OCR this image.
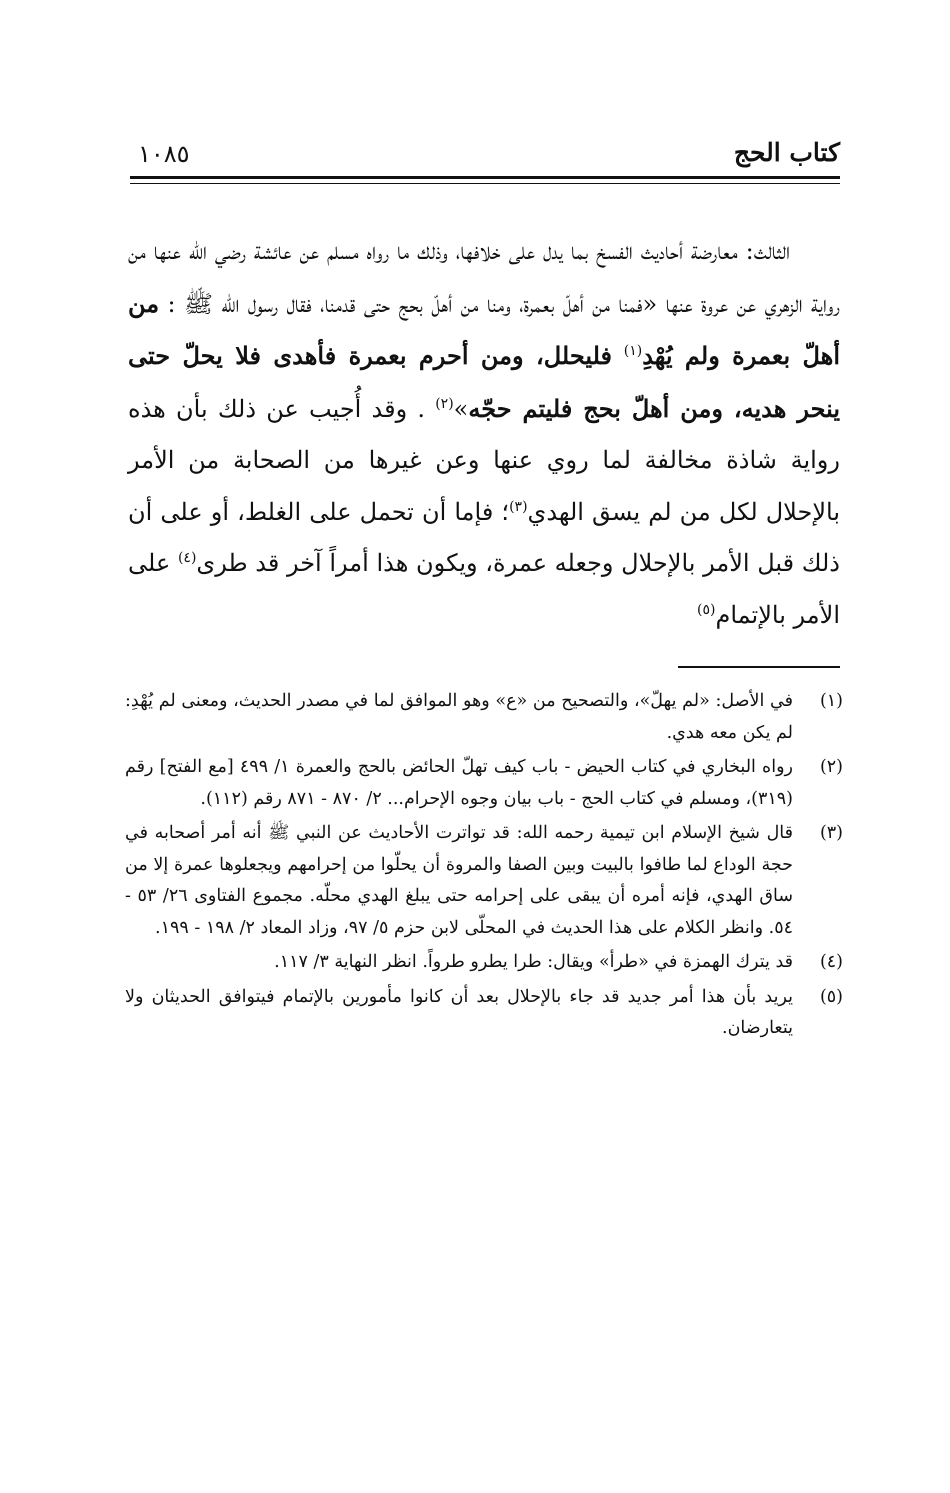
كتاب الحج
١٠٨٥

الثالث: معارضة أحاديث الفسخ بما يدل على خلافها، وذلك ما رواه مسلم عن عائشة رضي الله عنها من رواية الزهري عن عروة عنها «فمنا من أهلّ بعمرة، ومنا من أهلّ بحج حتى قدمنا، فقال رسول الله ﷺ : من أهلّ بعمرة ولم يُهْدِ$^{(١)}$ فليحلل، ومن أحرم بعمرة فأهدى فلا يحلّ حتى ينحر هديه، ومن أهلّ بحج فليتم حجّه»$^{(٢)}$ . وقد أُجيب عن ذلك بأن هذه رواية شاذة مخالفة لما روي عنها وعن غيرها من الصحابة من الأمر بالإحلال لكل من لم يسق الهدي$^{(٣)}$؛ فإما أن تحمل على الغلط، أو على أن ذلك قبل الأمر بالإحلال وجعله عمرة، ويكون هذا أمراً آخر قد طرى$^{(٤)}$ على الأمر بالإتمام$^{(٥)}$

(١)
في الأصل: «لم يهلّ»، والتصحيح من «ع» وهو الموافق لما في مصدر الحديث، ومعنى لم يُهْدِ: لم يكن معه هدي.
(٢)
رواه البخاري في كتاب الحيض - باب كيف تهلّ الحائض بالحج والعمرة ١/ ٤٩٩ [مع الفتح] رقم (٣١٩)، ومسلم في كتاب الحج - باب بيان وجوه الإحرام... ٢/ ٨٧٠ - ٨٧١ رقم (١١٢).
(٣)
قال شيخ الإسلام ابن تيمية رحمه الله: قد تواترت الأحاديث عن النبي ﷺ أنه أمر أصحابه في حجة الوداع لما طافوا بالبيت وبين الصفا والمروة أن يحلّوا من إحرامهم ويجعلوها عمرة إلا من ساق الهدي، فإنه أمره أن يبقى على إحرامه حتى يبلغ الهدي محلّه. مجموع الفتاوى ٢٦/ ٥٣ - ٥٤. وانظر الكلام على هذا الحديث في المحلّى لابن حزم ٥/ ٩٧، وزاد المعاد ٢/ ١٩٨ - ١٩٩.
(٤)
قد يترك الهمزة في «طرأ» ويقال: طرا يطرو طرواً. انظر النهاية ٣/ ١١٧.
(٥)
يريد بأن هذا أمر جديد قد جاء بالإحلال بعد أن كانوا مأمورين بالإتمام فيتوافق الحديثان ولا يتعارضان.
